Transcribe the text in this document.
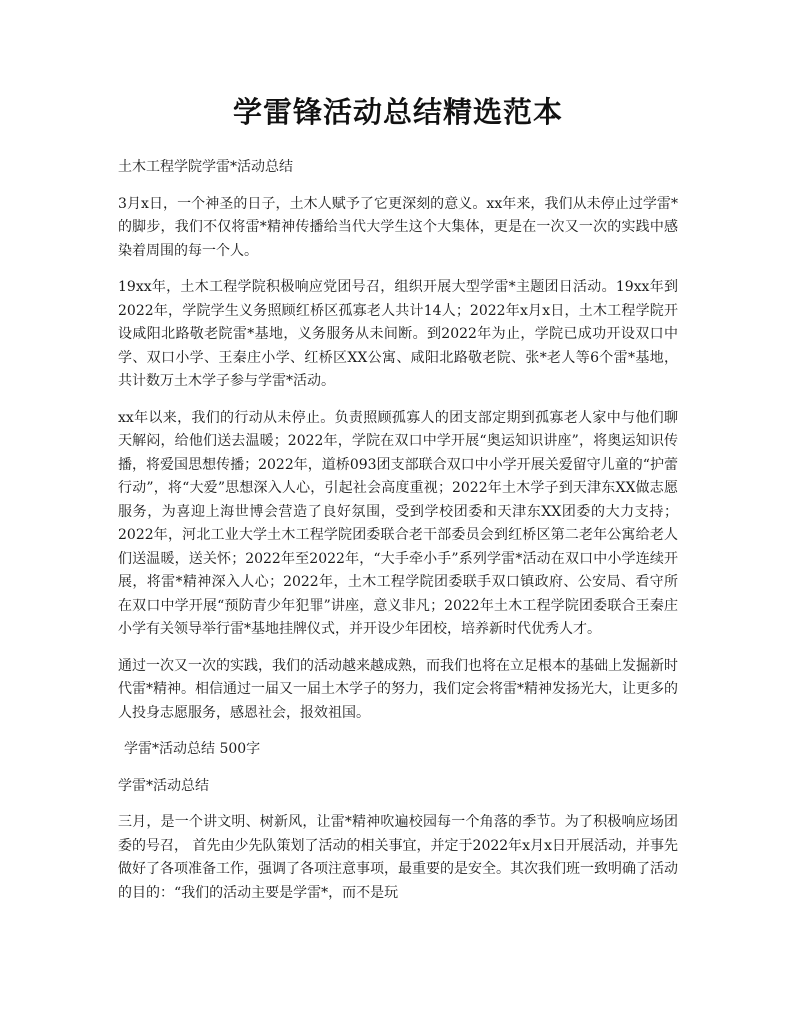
学雷锋活动总结精选范本
土木工程学院学雷*活动总结

3月x日，一个神圣的日子，土木人赋予了它更深刻的意义。xx年来，我们从未停止过学雷*的脚步，我们不仅将雷*精神传播给当代大学生这个大集体，更是在一次又一次的实践中感染着周围的每一个人。

19xx年，土木工程学院积极响应党团号召，组织开展大型学雷*主题团日活动。19xx年到2022年，学院学生义务照顾红桥区孤寡老人共计14人；2022年x月x日，土木工程学院开设咸阳北路敬老院雷*基地，义务服务从未间断。到2022年为止，学院已成功开设双口中学、双口小学、王秦庄小学、红桥区XX公寓、咸阳北路敬老院、张*老人等6个雷*基地，共计数万土木学子参与学雷*活动。

xx年以来，我们的行动从未停止。负责照顾孤寡人的团支部定期到孤寡老人家中与他们聊天解闷，给他们送去温暖；2022年，学院在双口中学开展“奥运知识讲座”，将奥运知识传播，将爱国思想传播；2022年，道桥093团支部联合双口中小学开展关爱留守儿童的“护蕾行动”，将“大爱”思想深入人心，引起社会高度重视；2022年土木学子到天津东XX做志愿服务，为喜迎上海世博会营造了良好氛围，受到学校团委和天津东XX团委的大力支持；2022年，河北工业大学土木工程学院团委联合老干部委员会到红桥区第二老年公寓给老人们送温暖，送关怀；2022年至2022年，“大手牵小手”系列学雷*活动在双口中小学连续开展，将雷*精神深入人心；2022年，土木工程学院团委联手双口镇政府、公安局、看守所在双口中学开展“预防青少年犯罪”讲座，意义非凡；2022年土木工程学院团委联合王秦庄小学有关领导举行雷*基地挂牌仪式，并开设少年团校，培养新时代优秀人才。

通过一次又一次的实践，我们的活动越来越成熟，而我们也将在立足根本的基础上发掘新时代雷*精神。相信通过一届又一届土木学子的努力，我们定会将雷*精神发扬光大，让更多的人投身志愿服务，感恩社会，报效祖国。

学雷*活动总结 500字
学雷*活动总结

三月，是一个讲文明、树新风，让雷*精神吹遍校园每一个角落的季节。为了积极响应场团委的号召， 首先由少先队策划了活动的相关事宜，并定于2022年x月x日开展活动，并事先做好了各项准备工作，强调了各项注意事项，最重要的是安全。其次我们班一致明确了活动的目的：“我们的活动主要是学雷*，而不是玩
